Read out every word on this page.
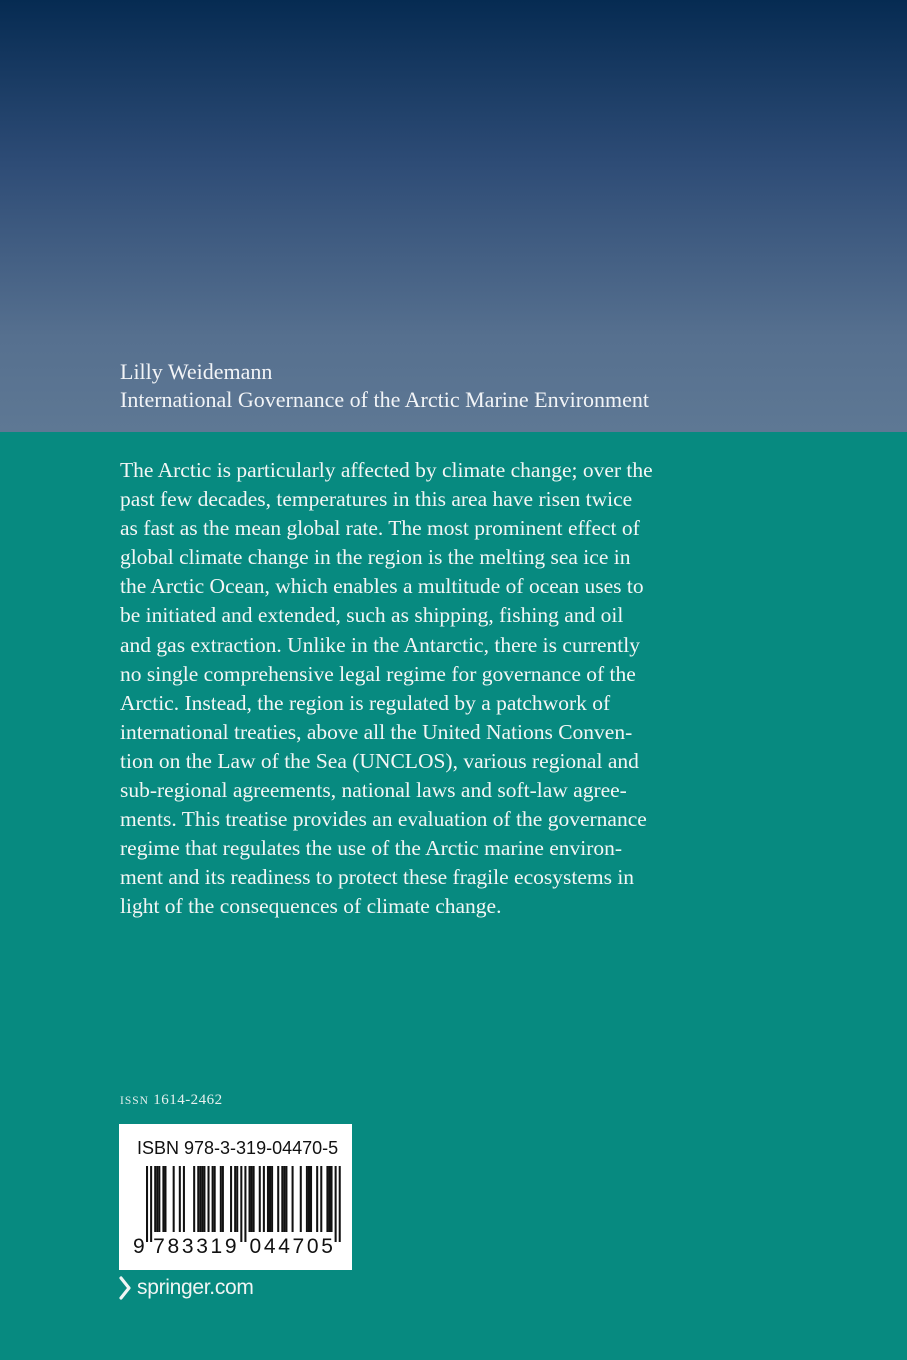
Lilly Weidemann
International Governance of the Arctic Marine Environment
The Arctic is particularly affected by climate change; over the
past few decades, temperatures in this area have risen twice
as fast as the mean global rate. The most prominent effect of
global climate change in the region is the melting sea ice in
the Arctic Ocean, which enables a multitude of ocean uses to
be initiated and extended, such as shipping, fishing and oil
and gas extraction. Unlike in the Antarctic, there is currently
no single comprehensive legal regime for governance of the
Arctic. Instead, the region is regulated by a patchwork of
international treaties, above all the United Nations Conven-
tion on the Law of the Sea (UNCLOS), various regional and
sub-regional agreements, national laws and soft-law agree-
ments. This treatise provides an evaluation of the governance
regime that regulates the use of the Arctic marine environ-
ment and its readiness to protect these fragile ecosystems in
light of the consequences of climate change.
ISSN 1614-2462
ISBN 978-3-319-04470-5
9 7 8 3 3 1 9 0 4 4 7 0 5
springer.com
